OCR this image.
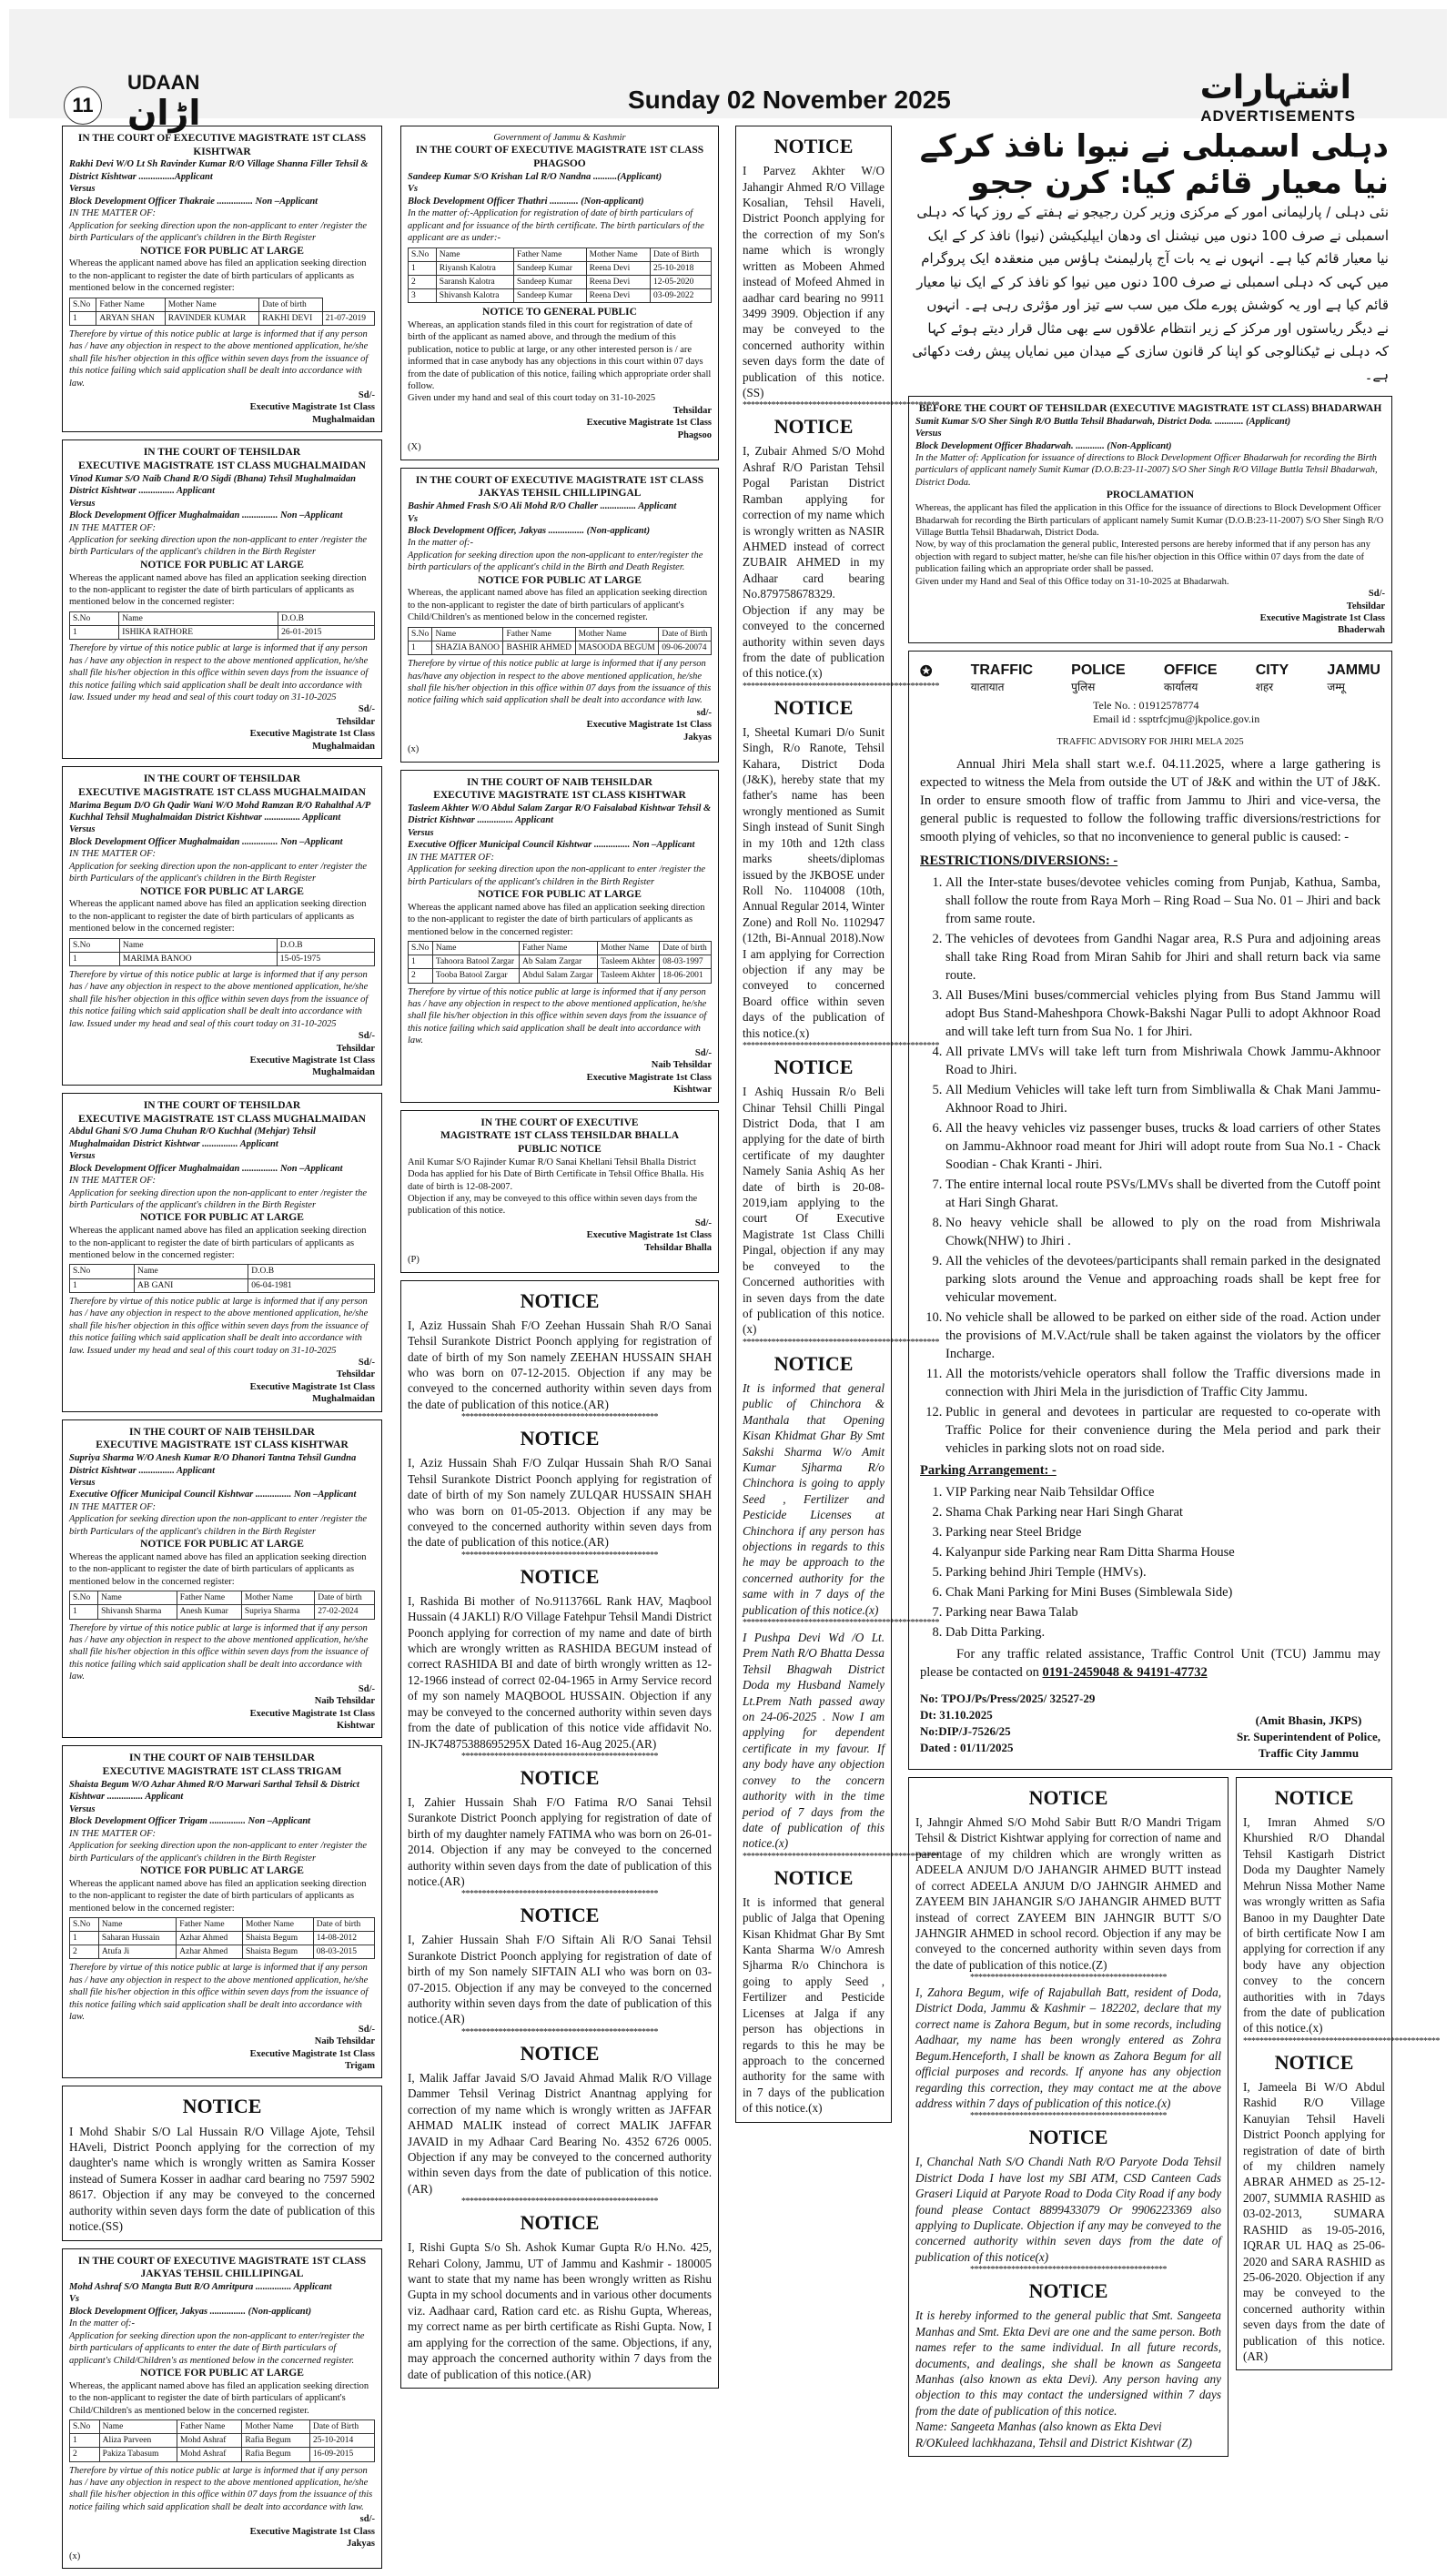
11
UDAAN
اڑان	Sunday 02 November 2025	اشتہارات
ADVERTISEMENTS
IN THE COURT OF EXECUTIVE MAGISTRATE 1ST CLASS KISHTWAR
Rakhi Devi W/O Lt Sh Ravinder Kumar R/O Village Shanna Filler Tehsil & District Kishtwar ...............Applicant
Versus
Block Development Officer Thakraie ............... Non –Applicant
IN THE MATTER OF:
Application for seeking direction upon the non-applicant to enter /register the birth Particulars of the applicant's children in the Birth Register
NOTICE FOR PUBLIC AT LARGE
Whereas the applicant named above has filed an application seeking direction to the non-applicant to register the date of birth particulars of applicants as mentioned below in the concerned register:
S.No	Father Name	Mother Name	Date of birth	
1	ARYAN SHAN	RAVINDER KUMAR	RAKHI DEVI	21-07-2019
Therefore by virtue of this notice public at large is informed that if any person has / have any objection in respect to the above mentioned application, he/she shall file his/her objection in this office within seven days from the issuance of this notice failing which said application shall be dealt into accordance with law.
Sd/-
Executive Magistrate 1st Class
Mughalmaidan
IN THE COURT OF TEHSILDAR
EXECUTIVE MAGISTRATE 1ST CLASS MUGHALMAIDAN
Vinod Kumar S/O Naib Chand R/O Sigdi (Bhana) Tehsil Mughalmaidan District Kishtwar ............... Applicant
Versus
Block Development Officer Mughalmaidan ............... Non –Applicant
IN THE MATTER OF:
Application for seeking direction upon the non-applicant to enter /register the birth Particulars of the applicant's children in the Birth Register
NOTICE FOR PUBLIC AT LARGE
Whereas the applicant named above has filed an application seeking direction to the non-applicant to register the date of birth particulars of applicants as mentioned below in the concerned register:
S.No	Name	D.O.B
1	ISHIKA RATHORE	26-01-2015
Therefore by virtue of this notice public at large is informed that if any person has / have any objection in respect to the above mentioned application, he/she shall file his/her objection in this office within seven days from the issuance of this notice failing which said application shall be dealt into accordance with law. Issued under my head and seal of this court today on 31-10-2025
Sd/-
Tehsildar
Executive Magistrate 1st Class
Mughalmaidan
IN THE COURT OF TEHSILDAR
EXECUTIVE MAGISTRATE 1ST CLASS MUGHALMAIDAN
Marima Begum D/O Gh Qadir Wani W/O Mohd Ramzan R/O Rahalthal A/P Kuchhal Tehsil Mughalmaidan District Kishtwar ............... Applicant
Versus
Block Development Officer Mughalmaidan ............... Non –Applicant
IN THE MATTER OF:
Application for seeking direction upon the non-applicant to enter /register the birth Particulars of the applicant's children in the Birth Register
NOTICE FOR PUBLIC AT LARGE
Whereas the applicant named above has filed an application seeking direction to the non-applicant to register the date of birth particulars of applicants as mentioned below in the concerned register:
S.No	Name	D.O.B
1	MARIMA BANOO	15-05-1975
Therefore by virtue of this notice public at large is informed that if any person has / have any objection in respect to the above mentioned application, he/she shall file his/her objection in this office within seven days from the issuance of this notice failing which said application shall be dealt into accordance with law. Issued under my head and seal of this court today on 31-10-2025
Sd/-
Tehsildar
Executive Magistrate 1st Class
Mughalmaidan
IN THE COURT OF TEHSILDAR
EXECUTIVE MAGISTRATE 1ST CLASS MUGHALMAIDAN
Abdul Ghani S/O Juma Chuhan R/O Kuchhal (Mehjar) Tehsil Mughalmaidan District Kishtwar ............... Applicant
Versus
Block Development Officer Mughalmaidan ............... Non –Applicant
IN THE MATTER OF:
Application for seeking direction upon the non-applicant to enter /register the birth Particulars of the applicant's children in the Birth Register
NOTICE FOR PUBLIC AT LARGE
Whereas the applicant named above has filed an application seeking direction to the non-applicant to register the date of birth particulars of applicants as mentioned below in the concerned register:
S.No	Name	D.O.B
1	AB GANI	06-04-1981
Therefore by virtue of this notice public at large is informed that if any person has / have any objection in respect to the above mentioned application, he/she shall file his/her objection in this office within seven days from the issuance of this notice failing which said application shall be dealt into accordance with law. Issued under my head and seal of this court today on 31-10-2025
Sd/-
Tehsildar
Executive Magistrate 1st Class
Mughalmaidan
IN THE COURT OF NAIB TEHSILDAR
EXECUTIVE MAGISTRATE 1ST CLASS KISHTWAR
Supriya Sharma W/O Anesh Kumar R/O Dhanori Tantna Tehsil Gundna District Kishtwar ............... Applicant
Versus
Executive Officer Municipal Council Kishtwar ............... Non –Applicant
IN THE MATTER OF:
Application for seeking direction upon the non-applicant to enter /register the birth Particulars of the applicant's children in the Birth Register
NOTICE FOR PUBLIC AT LARGE
Whereas the applicant named above has filed an application seeking direction to the non-applicant to register the date of birth particulars of applicants as mentioned below in the concerned register:
S.No	Name	Father Name	Mother Name	Date of birth
1	Shivansh Sharma	Anesh Kumar	Supriya Sharma	27-02-2024
Therefore by virtue of this notice public at large is informed that if any person has / have any objection in respect to the above mentioned application, he/she shall file his/her objection in this office within seven days from the issuance of this notice failing which said application shall be dealt into accordance with law.
Sd/-
Naib Tehsildar
Executive Magistrate 1st Class
Kishtwar
IN THE COURT OF NAIB TEHSILDAR
EXECUTIVE MAGISTRATE 1ST CLASS TRIGAM
Shaista Begum W/O Azhar Ahmed R/O Marwari Sarthal Tehsil & District Kishtwar ............... Applicant
Versus
Block Development Officer Trigam ............... Non –Applicant
IN THE MATTER OF:
Application for seeking direction upon the non-applicant to enter /register the birth Particulars of the applicant's children in the Birth Register
NOTICE FOR PUBLIC AT LARGE
Whereas the applicant named above has filed an application seeking direction to the non-applicant to register the date of birth particulars of applicants as mentioned below in the concerned register:
S.No	Name	Father Name	Mother Name	Date of birth
1	Saharan Hussain	Azhar Ahmed	Shaista Begum	14-08-2012
2	Atufa Ji	Azhar Ahmed	Shaista Begum	08-03-2015
Therefore by virtue of this notice public at large is informed that if any person has / have any objection in respect to the above mentioned application, he/she shall file his/her objection in this office within seven days from the issuance of this notice failing which said application shall be dealt into accordance with law.
Sd/-
Naib Tehsildar
Executive Magistrate 1st Class
Trigam
NOTICE
I Mohd Shabir S/O Lal Hussain R/O Village Ajote, Tehsil HAveli, District Poonch applying for the correction of my daughter's name which is wrongly written as Samira Kosser instead of Sumera Kosser in aadhar card bearing no 7597 5902 8617. Objection if any may be conveyed to the concerned authority within seven days form the date of publication of this notice.(SS)
IN THE COURT OF EXECUTIVE MAGISTRATE 1ST CLASS
JAKYAS TEHSIL CHILLIPINGAL
Mohd Ashraf S/O Mangta Butt R/O Amritpura ............... Applicant
Vs
Block Development Officer, Jakyas ............... (Non-applicant)
In the matter of:-
Application for seeking direction upon the non-applicant to enter/register the birth particulars of applicants to enter the date of Birth particulars of applicant's Child/Children's as mentioned below in the concerned register.
NOTICE FOR PUBLIC AT LARGE
Whereas, the applicant named above has filed an application seeking direction to the non-applicant to register the date of birth particulars of applicant's Child/Children's as mentioned below in the concerned register.
S.No	Name	Father Name	Mother Name	Date of Birth
1	Aliza Parveen	Mohd Ashraf	Rafia Begum	25-10-2014
2	Pakiza Tabasum	Mohd Ashraf	Rafia Begum	16-09-2015
Therefore by virtue of this notice public at large is informed that if any person has / have any objection in respect to the above mentioned application, he/she shall file his/her objection in this office within 07 days from the issuance of this notice failing which said application shall be dealt into accordance with law.
sd/-
Executive Magistrate 1st Class
Jakyas
(x)
Government of Jammu & Kashmir
IN THE COURT OF EXECUTIVE MAGISTRATE 1ST CLASS PHAGSOO
Sandeep Kumar S/O Krishan Lal R/O Nandna ..........(Applicant)
Vs
Block Development Officer Thathri ............ (Non-applicant)
In the matter of:-Application for registration of date of birth particulars of applicant and for issuance of the birth certificate. The birth particulars of the applicant are as under:-
S.No	Name	Father Name	Mother Name	Date of Birth
1	Riyansh Kalotra	Sandeep Kumar	Reena Devi	25-10-2018
2	Saransh Kalotra	Sandeep Kumar	Reena Devi	12-05-2020
3	Shivansh Kalotra	Sandeep Kumar	Reena Devi	03-09-2022
NOTICE TO GENERAL PUBLIC
Whereas, an application stands filed in this court for registration of date of birth of the applicant as named above, and through the medium of this publication, notice to public at large, or any other interested person is / are informed that in case anybody has any objections in this court within 07 days from the date of publication of this notice, failing which appropriate order shall follow.
Given under my hand and seal of this court today on 31-10-2025
Tehsildar
Executive Magistrate 1st Class
Phagsoo
(X)
IN THE COURT OF EXECUTIVE MAGISTRATE 1ST CLASS
JAKYAS TEHSIL CHILLIPINGAL
Bashir Ahmed Frash S/O Ali Mohd R/O Challer ............... Applicant
Vs
Block Development Officer, Jakyas ............... (Non-applicant)
In the matter of:-
Application for seeking direction upon the non-applicant to enter/register the birth particulars of the applicant's child in the Birth and Death Register.
NOTICE FOR PUBLIC AT LARGE
Whereas, the applicant named above has filed an application seeking direction to the non-applicant to register the date of birth particulars of applicant's Child/Children's as mentioned below in the concerned register.
S.No	Name	Father Name	Mother Name	Date of Birth
1	SHAZIA BANOO	BASHIR AHMED	MASOODA BEGUM	09-06-20074
Therefore by virtue of this notice public at large is informed that if any person has/have any objection in respect to the above mentioned application, he/she shall file his/her objection in this office within 07 days from the issuance of this notice failing which said application shall be dealt into accordance with law.
sd/-
Executive Magistrate 1st Class
Jakyas
(x)
IN THE COURT OF NAIB TEHSILDAR
EXECUTIVE MAGISTRATE 1ST CLASS KISHTWAR
Tasleem Akhter W/O Abdul Salam Zargar R/O Faisalabad Kishtwar Tehsil & District Kishtwar ............... Applicant
Versus
Executive Officer Municipal Council Kishtwar ............... Non –Applicant
IN THE MATTER OF:
Application for seeking direction upon the non-applicant to enter /register the birth Particulars of the applicant's children in the Birth Register
NOTICE FOR PUBLIC AT LARGE
Whereas the applicant named above has filed an application seeking direction to the non-applicant to register the date of birth particulars of applicants as mentioned below in the concerned register:
S.No	Name	Father Name	Mother Name	Date of birth
1	Tahoora Batool Zargar	Ab Salam Zargar	Tasleem Akhter	08-03-1997
2	Tooba Batool Zargar	Abdul Salam Zargar	Tasleem Akhter	18-06-2001
Therefore by virtue of this notice public at large is informed that if any person has / have any objection in respect to the above mentioned application, he/she shall file his/her objection in this office within seven days from the issuance of this notice failing which said application shall be dealt into accordance with law.
Sd/-
Naib Tehsildar
Executive Magistrate 1st Class
Kishtwar
IN THE COURT OF EXECUTIVE
MAGISTRATE 1ST CLASS TEHSILDAR BHALLA
PUBLIC NOTICE
Anil Kumar S/O Rajinder Kumar R/O Sanai Khellani Tehsil Bhalla District Doda has applied for his Date of Birth Certificate in Tehsil Office Bhalla. His date of birth is 12-08-2007.
Objection if any, may be conveyed to this office within seven days from the publication of this notice.
Sd/-
Executive Magistrate 1st Class
Tehsildar Bhalla
(P)
NOTICE
I, Aziz Hussain Shah F/O Zeehan Hussain Shah R/O Sanai Tehsil Surankote District Poonch applying for registration of date of birth of my Son namely ZEEHAN HUSSAIN SHAH who was born on 07-12-2015. Objection if any may be conveyed to the concerned authority within seven days from the date of publication of this notice.(AR)
************************************************
NOTICE
I, Aziz Hussain Shah F/O Zulqar Hussain Shah R/O Sanai Tehsil Surankote District Poonch applying for registration of date of birth of my Son namely ZULQAR HUSSAIN SHAH who was born on 01-05-2013. Objection if any may be conveyed to the concerned authority within seven days from the date of publication of this notice.(AR)
************************************************
NOTICE
I, Rashida Bi mother of No.9113766L Rank HAV, Maqbool Hussain (4 JAKLI) R/O Village Fatehpur Tehsil Mandi District Poonch applying for correction of my name and date of birth which are wrongly written as RASHIDA BEGUM instead of correct RASHIDA BI and date of birth wrongly written as 12-12-1966 instead of correct 02-04-1965 in Army Service record of my son namely MAQBOOL HUSSAIN. Objection if any may be conveyed to the concerned authority within seven days from the date of publication of this notice vide affidavit No. IN-JK74875388695295X Dated 16-Aug 2025.(AR)
************************************************
NOTICE
I, Zahier Hussain Shah F/O Fatima R/O Sanai Tehsil Surankote District Poonch applying for registration of date of birth of my daughter namely FATIMA who was born on 26-01-2014. Objection if any may be conveyed to the concerned authority within seven days from the date of publication of this notice.(AR)
************************************************
NOTICE
I, Zahier Hussain Shah F/O Siftain Ali R/O Sanai Tehsil Surankote District Poonch applying for registration of date of birth of my Son namely SIFTAIN ALI who was born on 03-07-2015. Objection if any may be conveyed to the concerned authority within seven days from the date of publication of this notice.(AR)
************************************************
NOTICE
I, Malik Jaffar Javaid S/O Javaid Ahmad Malik R/O Village Dammer Tehsil Verinag District Anantnag applying for correction of my name which is wrongly written as JAFFAR AHMAD MALIK instead of correct MALIK JAFFAR JAVAID in my Adhaar Card Bearing No. 4352 6726 0005. Objection if any may be conveyed to the concerned authority within seven days from the date of publication of this notice.(AR)
************************************************
NOTICE
I, Rishi Gupta S/o Sh. Ashok Kumar Gupta R/o H.No. 425, Rehari Colony, Jammu, UT of Jammu and Kashmir - 180005 want to state that my name has been wrongly written as Rishu Gupta in my school documents and in various other documents viz. Aadhaar card, Ration card etc. as Rishu Gupta, Whereas, my correct name as per birth certificate as Rishi Gupta. Now, I am applying for the correction of the same. Objections, if any, may approach the concerned authority within 7 days from the date of publication of this notice.(AR)
NOTICE
I Parvez Akhter W/O Jahangir Ahmed R/O Village Kosalian, Tehsil Haveli, District Poonch applying for the correction of my Son's name which is wrongly written as Mobeen Ahmed instead of Mofeed Ahmed in aadhar card bearing no 9911 3499 3909. Objection if any may be conveyed to the concerned authority within seven days form the date of publication of this notice.(SS)
************************************************
NOTICE
I, Zubair Ahmed S/O Mohd Ashraf R/O Paristan Tehsil Pogal Paristan District Ramban applying for correction of my name which is wrongly written as NASIR AHMED instead of correct ZUBAIR AHMED in my Adhaar card bearing No.879758678329. Objection if any may be conveyed to the concerned authority within seven days from the date of publication of this notice.(x)
************************************************
NOTICE
I, Sheetal Kumari D/o Sunit Singh, R/o Ranote, Tehsil Kahara, District Doda (J&K), hereby state that my father's name has been wrongly mentioned as Sumit Singh instead of Sunit Singh in my 10th and 12th class marks sheets/diplomas issued by the JKBOSE under Roll No. 1104008 (10th, Annual Regular 2014, Winter Zone) and Roll No. 1102947 (12th, Bi-Annual 2018).Now I am applying for Correction objection if any may be conveyed to concerned Board office within seven days of the publication of this notice.(x)
************************************************
NOTICE
I Ashiq Hussain R/o Beli Chinar Tehsil Chilli Pingal District Doda, that I am applying for the date of birth certificate of my daughter Namely Sania Ashiq As her date of birth is 20-08-2019,iam applying to the court Of Executive Magistrate 1st Class Chilli Pingal, objection if any may be conveyed to the Concerned authorities with in seven days from the date of publication of this notice.(x)
************************************************
NOTICE
It is informed that general public of Chinchora & Manthala that Opening Kisan Khidmat Ghar By Smt Sakshi Sharma W/o Amit Kumar Sjharma R/o Chinchora is going to apply Seed , Fertilizer and Pesticide Licenses at Chinchora if any person has objections in regards to this he may be approach to the concerned authority for the same with in 7 days of the publication of this notice.(x)
************************************************
I Pushpa Devi Wd /O Lt. Prem Nath R/O Bhatta Dessa Tehsil Bhagwah District Doda my Husband Namely Lt.Prem Nath passed away on 24-06-2025 . Now I am applying for dependent certificate in my favour. If any body have any objection convey to the concern authority with in the time period of 7 days from the date of publication of this notice.(x)
************************************************
NOTICE
It is informed that general public of Jalga that Opening Kisan Khidmat Ghar By Smt Kanta Sharma W/o Amresh Sjharma R/o Chinchora is going to apply Seed , Fertilizer and Pesticide Licenses at Jalga if any person has objections in regards to this he may be approach to the concerned authority for the same with in 7 days of the publication of this notice.(x)
دہلی اسمبلی نے نیوا نافذ کرکے نیا معیار قائم کیا: کرن ججو
نئی دہلی / پارلیمانی امور کے مرکزی وزیر کرن رجیجو نے ہفتے کے روز کہا کہ دہلی اسمبلی نے صرف 100 دنوں میں نیشنل ای ودھان ایپلیکیشن (نیوا) نافذ کر کے ایک نیا معیار قائم کیا ہے۔ انہوں نے یہ بات آج پارلیمنٹ ہاؤس میں منعقدہ ایک پروگرام میں کہی کہ دہلی اسمبلی نے صرف 100 دنوں میں نیوا کو نافذ کر کے ایک نیا معیار قائم کیا ہے اور یہ کوشش پورے ملک میں سب سے تیز اور مؤثری رہی ہے۔ انہوں نے دیگر ریاستوں اور مرکز کے زیر انتظام علاقوں سے بھی مثال قرار دیتے ہوئے کہا کہ دہلی نے ٹیکنالوجی کو اپنا کر قانون سازی کے میدان میں نمایاں پیش رفت دکھائی ہے۔
BEFORE THE COURT OF TEHSILDAR (EXECUTIVE MAGISTRATE 1ST CLASS) BHADARWAH
Sumit Kumar S/O Sher Singh R/O Buttla Tehsil Bhadarwah, District Doda. ............ (Applicant)
Versus
Block Development Officer Bhadarwah. ............ (Non-Applicant)
In the Matter of: Application for issuance of directions to Block Development Officer Bhadarwah for recording the Birth particulars of applicant namely Sumit Kumar (D.O.B:23-11-2007) S/O Sher Singh R/O Village Buttla Tehsil Bhadarwah, District Doda.
PROCLAMATION
Whereas, the applicant has filed the application in this Office for the issuance of directions to Block Development Officer Bhadarwah for recording the Birth particulars of applicant namely Sumit Kumar (D.O.B:23-11-2007) S/O Sher Singh R/O Village Buttla Tehsil Bhadarwah, District Doda.
Now, by way of this proclamation the general public, Interested persons are hereby informed that if any person has any objection with regard to subject matter, he/she can file his/her objection in this Office within 07 days from the date of publication failing which an appropriate order shall be passed.
Given under my Hand and Seal of this Office today on 31-10-2025 at Bhadarwah.
Sd/-
Tehsildar
Executive Magistrate 1st Class
Bhaderwah
✪	TRAFFIC
यातायात
POLICE
पुलिस
OFFICE
कार्यालय
CITY
शहर
JAMMU
जम्मू
Tele No. : 01912578774
Email id : ssptrfcjmu@jkpolice.gov.in
TRAFFIC ADVISORY FOR JHIRI MELA 2025
Annual Jhiri Mela shall start w.e.f. 04.11.2025, where a large gathering is expected to witness the Mela from outside the UT of J&K and within the UT of J&K. In order to ensure smooth flow of traffic from Jammu to Jhiri and vice-versa, the general public is requested to follow the following traffic diversions/restrictions for smooth plying of vehicles, so that no inconvenience to general public is caused: -
RESTRICTIONS/DIVERSIONS: -
1. All the Inter-state buses/devotee vehicles coming from Punjab, Kathua, Samba, shall follow the route from Raya Morh – Ring Road – Sua No. 01 – Jhiri and back from same route.
2. The vehicles of devotees from Gandhi Nagar area, R.S Pura and adjoining areas shall take Ring Road from Miran Sahib for Jhiri and shall return back via same route.
3. All Buses/Mini buses/commercial vehicles plying from Bus Stand Jammu will adopt Bus Stand-Maheshpora Chowk-Bakshi Nagar Pulli to adopt Akhnoor Road and will take left turn from Sua No. 1 for Jhiri.
4. All private LMVs will take left turn from Mishriwala Chowk Jammu-Akhnoor Road to Jhiri.
5. All Medium Vehicles will take left turn from Simbliwalla & Chak Mani Jammu-Akhnoor Road to Jhiri.
6. All the heavy vehicles viz passenger buses, trucks & load carriers of other States on Jammu-Akhnoor road meant for Jhiri will adopt route from Sua No.1 - Chack Soodian - Chak Kranti - Jhiri.
7. The entire internal local route PSVs/LMVs shall be diverted from the Cutoff point at Hari Singh Gharat.
8. No heavy vehicle shall be allowed to ply on the road from Mishriwala Chowk(NHW) to Jhiri .
9. All the vehicles of the devotees/participants shall remain parked in the designated parking slots around the Venue and approaching roads shall be kept free for vehicular movement.
10. No vehicle shall be allowed to be parked on either side of the road. Action under the provisions of M.V.Act/rule shall be taken against the violators by the officer Incharge.
11. All the motorists/vehicle operators shall follow the Traffic diversions made in connection with Jhiri Mela in the jurisdiction of Traffic City Jammu.
12. Public in general and devotees in particular are requested to co-operate with Traffic Police for their convenience during the Mela period and park their vehicles in parking slots not on road side.
Parking Arrangement: -
1. VIP Parking near Naib Tehsildar Office
2. Shama Chak Parking near Hari Singh Gharat
3. Parking near Steel Bridge
4. Kalyanpur side Parking near Ram Ditta Sharma House
5. Parking behind Jhiri Temple (HMVs).
6. Chak Mani Parking for Mini Buses (Simblewala Side)
7. Parking near Bawa Talab
8. Dab Ditta Parking.
For any traffic related assistance, Traffic Control Unit (TCU) Jammu may please be contacted on 0191-2459048 & 94191-47732
No: TPOJ/Ps/Press/2025/ 32527-29
Dt: 31.10.2025
No:DIP/J-7526/25
Dated : 01/11/2025
(Amit Bhasin, JKPS)
Sr. Superintendent of Police,
Traffic City Jammu
NOTICE
I, Jahngir Ahmed S/O Mohd Sabir Butt R/O Mandri Trigam Tehsil & District Kishtwar applying for correction of name and parentage of my children which are wrongly written as ADEELA ANJUM D/O JAHANGIR AHMED BUTT instead of correct ADEELA ANJUM D/O JAHNGIR AHMED and ZAYEEM BIN JAHANGIR S/O JAHANGIR AHMED BUTT instead of correct ZAYEEM BIN JAHNGIR BUTT S/O JAHNGIR AHMED in school record. Objection if any may be conveyed to the concerned authority within seven days from the date of publication of this notice.(Z)
************************************************
I, Zahora Begum, wife of Rajabullah Batt, resident of Doda, District Doda, Jammu & Kashmir – 182202, declare that my correct name is Zahora Begum, but in some records, including Aadhaar, my name has been wrongly entered as Zohra Begum.Henceforth, I shall be known as Zahora Begum for all official purposes and records. If anyone has any objection regarding this correction, they may contact me at the above address within 7 days of publication of this notice.(x)
************************************************
NOTICE
I, Chanchal Nath S/O Chandi Nath R/O Paryote Doda Tehsil District Doda I have lost my SBI ATM, CSD Canteen Cads Graseri Liquid at Paryote Road to Doda City Road if any body found please Contact 8899433079 Or 9906223369 also applying to Duplicate. Objection if any may be conveyed to the concerned authority within seven days from the date of publication of this notice(x)
************************************************
NOTICE
It is hereby informed to the general public that Smt. Sangeeta Manhas and Smt. Ekta Devi are one and the same person. Both names refer to the same individual. In all future records, documents, and dealings, she shall be known as Sangeeta Manhas (also known as ekta Devi). Any person having any objection to this may contact the undersigned within 7 days from the date of publication of this notice.
Name: Sangeeta Manhas (also known as Ekta Devi
R/OKuleed lachkhazana, Tehsil and District Kishtwar (Z)
NOTICE
I, Imran Ahmed S/O Khurshied R/O Dhandal Tehsil Kastigarh District Doda my Daughter Namely Mehrun Nissa Mother Name was wrongly written as Safia Banoo in my Daughter Date of birth certificate Now I am applying for correction if any body have any objection convey to the concern authorities with in 7days from the date of publication of this notice.(x)
************************************************
NOTICE
I, Jameela Bi W/O Abdul Rashid R/O Village Kanuyian Tehsil Haveli District Poonch applying for registration of date of birth of my children namely ABRAR AHMED as 25-12-2007, SUMMIA RASHID as 03-02-2013, SUMARA RASHID as 19-05-2016, IQRAR UL HAQ as 25-06-2020 and SARA RASHID as 25-06-2020. Objection if any may be conveyed to the concerned authority within seven days from the date of publication of this notice.(AR)
